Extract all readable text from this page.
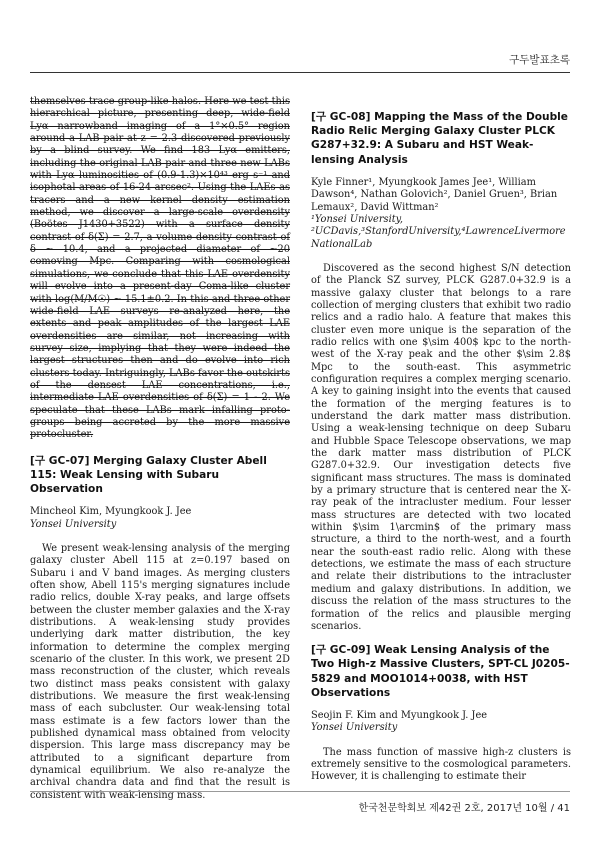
구두발표초록

themselves trace group-like halos. Here we test this hierarchical picture, presenting deep, wide-field Lyα narrowband imaging of a 1°×0.5° region around a LAB pair at z = 2.3 discovered previously by a blind survey. We find 183 Lyα emitters, including the original LAB pair and three new LABs with Lyα luminosities of (0.9-1.3)×10⁴³ erg s⁻¹ and isophotal areas of 16-24 arcsec². Using the LAEs as tracers and a new kernel density estimation method, we discover a large-scale overdensity (Boötes J1430+3522) with a surface density contrast of δ(Σ) = 2.7, a volume density contrast of δ ~ 10.4, and a projected diameter of ~20 comoving Mpc. Comparing with cosmological simulations, we conclude that this LAE overdensity will evolve into a present-day Coma-like cluster with log(M/M☉) ~ 15.1±0.2. In this and three other wide-field LAE surveys re-analyzed here, the extents and peak amplitudes of the largest LAE overdensities are similar, not increasing with survey size, implying that they were indeed the largest structures then and do evolve into rich clusters today. Intriguingly, LABs favor the outskirts of the densest LAE concentrations, i.e., intermediate LAE overdensities of δ(Σ) = 1 - 2. We speculate that these LABs mark infalling proto-groups being accreted by the more massive protocluster.

[구 GC-07] Merging Galaxy Cluster Abell 115: Weak Lensing with Subaru Observation

Mincheol Kim, Myungkook J. Jee

Yonsei University

We present weak-lensing analysis of the merging galaxy cluster Abell 115 at z=0.197 based on Subaru i and V band images. As merging clusters often show, Abell 115's merging signatures include radio relics, double X-ray peaks, and large offsets between the cluster member galaxies and the X-ray distributions. A weak-lensing study provides underlying dark matter distribution, the key information to determine the complex merging scenario of the cluster. In this work, we present 2D mass reconstruction of the cluster, which reveals two distinct mass peaks consistent with galaxy distributions. We measure the first weak-lensing mass of each subcluster. Our weak-lensing total mass estimate is a few factors lower than the published dynamical mass obtained from velocity dispersion. This large mass discrepancy may be attributed to a significant departure from dynamical equilibrium. We also re-analyze the archival chandra data and find that the result is consistent with weak-lensing mass.

[구 GC-08] Mapping the Mass of the Double Radio Relic Merging Galaxy Cluster PLCK G287+32.9: A Subaru and HST Weak-lensing Analysis

Kyle Finner¹, Myungkook James Jee¹, William Dawson⁴, Nathan Golovich², Daniel Gruen³, Brian Lemaux², David Wittman²

¹Yonsei University,

²UCDavis,³StanfordUniversity,⁴LawrenceLivermoreNationalLab

Discovered as the second highest S/N detection of the Planck SZ survey, PLCK G287.0+32.9 is a massive galaxy cluster that belongs to a rare collection of merging clusters that exhibit two radio relics and a radio halo. A feature that makes this cluster even more unique is the separation of the radio relics with one $\sim 400$ kpc to the north-west of the X-ray peak and the other $\sim 2.8$ Mpc to the south-east. This asymmetric configuration requires a complex merging scenario. A key to gaining insight into the events that caused the formation of the merging features is to understand the dark matter mass distribution. Using a weak-lensing technique on deep Subaru and Hubble Space Telescope observations, we map the dark matter mass distribution of PLCK G287.0+32.9. Our investigation detects five significant mass structures. The mass is dominated by a primary structure that is centered near the X-ray peak of the intracluster medium. Four lesser mass structures are detected with two located within $\sim 1\arcmin$ of the primary mass structure, a third to the north-west, and a fourth near the south-east radio relic. Along with these detections, we estimate the mass of each structure and relate their distributions to the intracluster medium and galaxy distributions. In addition, we discuss the relation of the mass structures to the formation of the relics and plausible merging scenarios.

[구 GC-09] Weak Lensing Analysis of the Two High-z Massive Clusters, SPT-CL J0205-5829 and MOO1014+0038, with HST Observations

Seojin F. Kim and Myungkook J. Jee

Yonsei University

The mass function of massive high-z clusters is extremely sensitive to the cosmological parameters. However, it is challenging to estimate their

한국천문학회보 제42권 2호, 2017년 10월 / 41
